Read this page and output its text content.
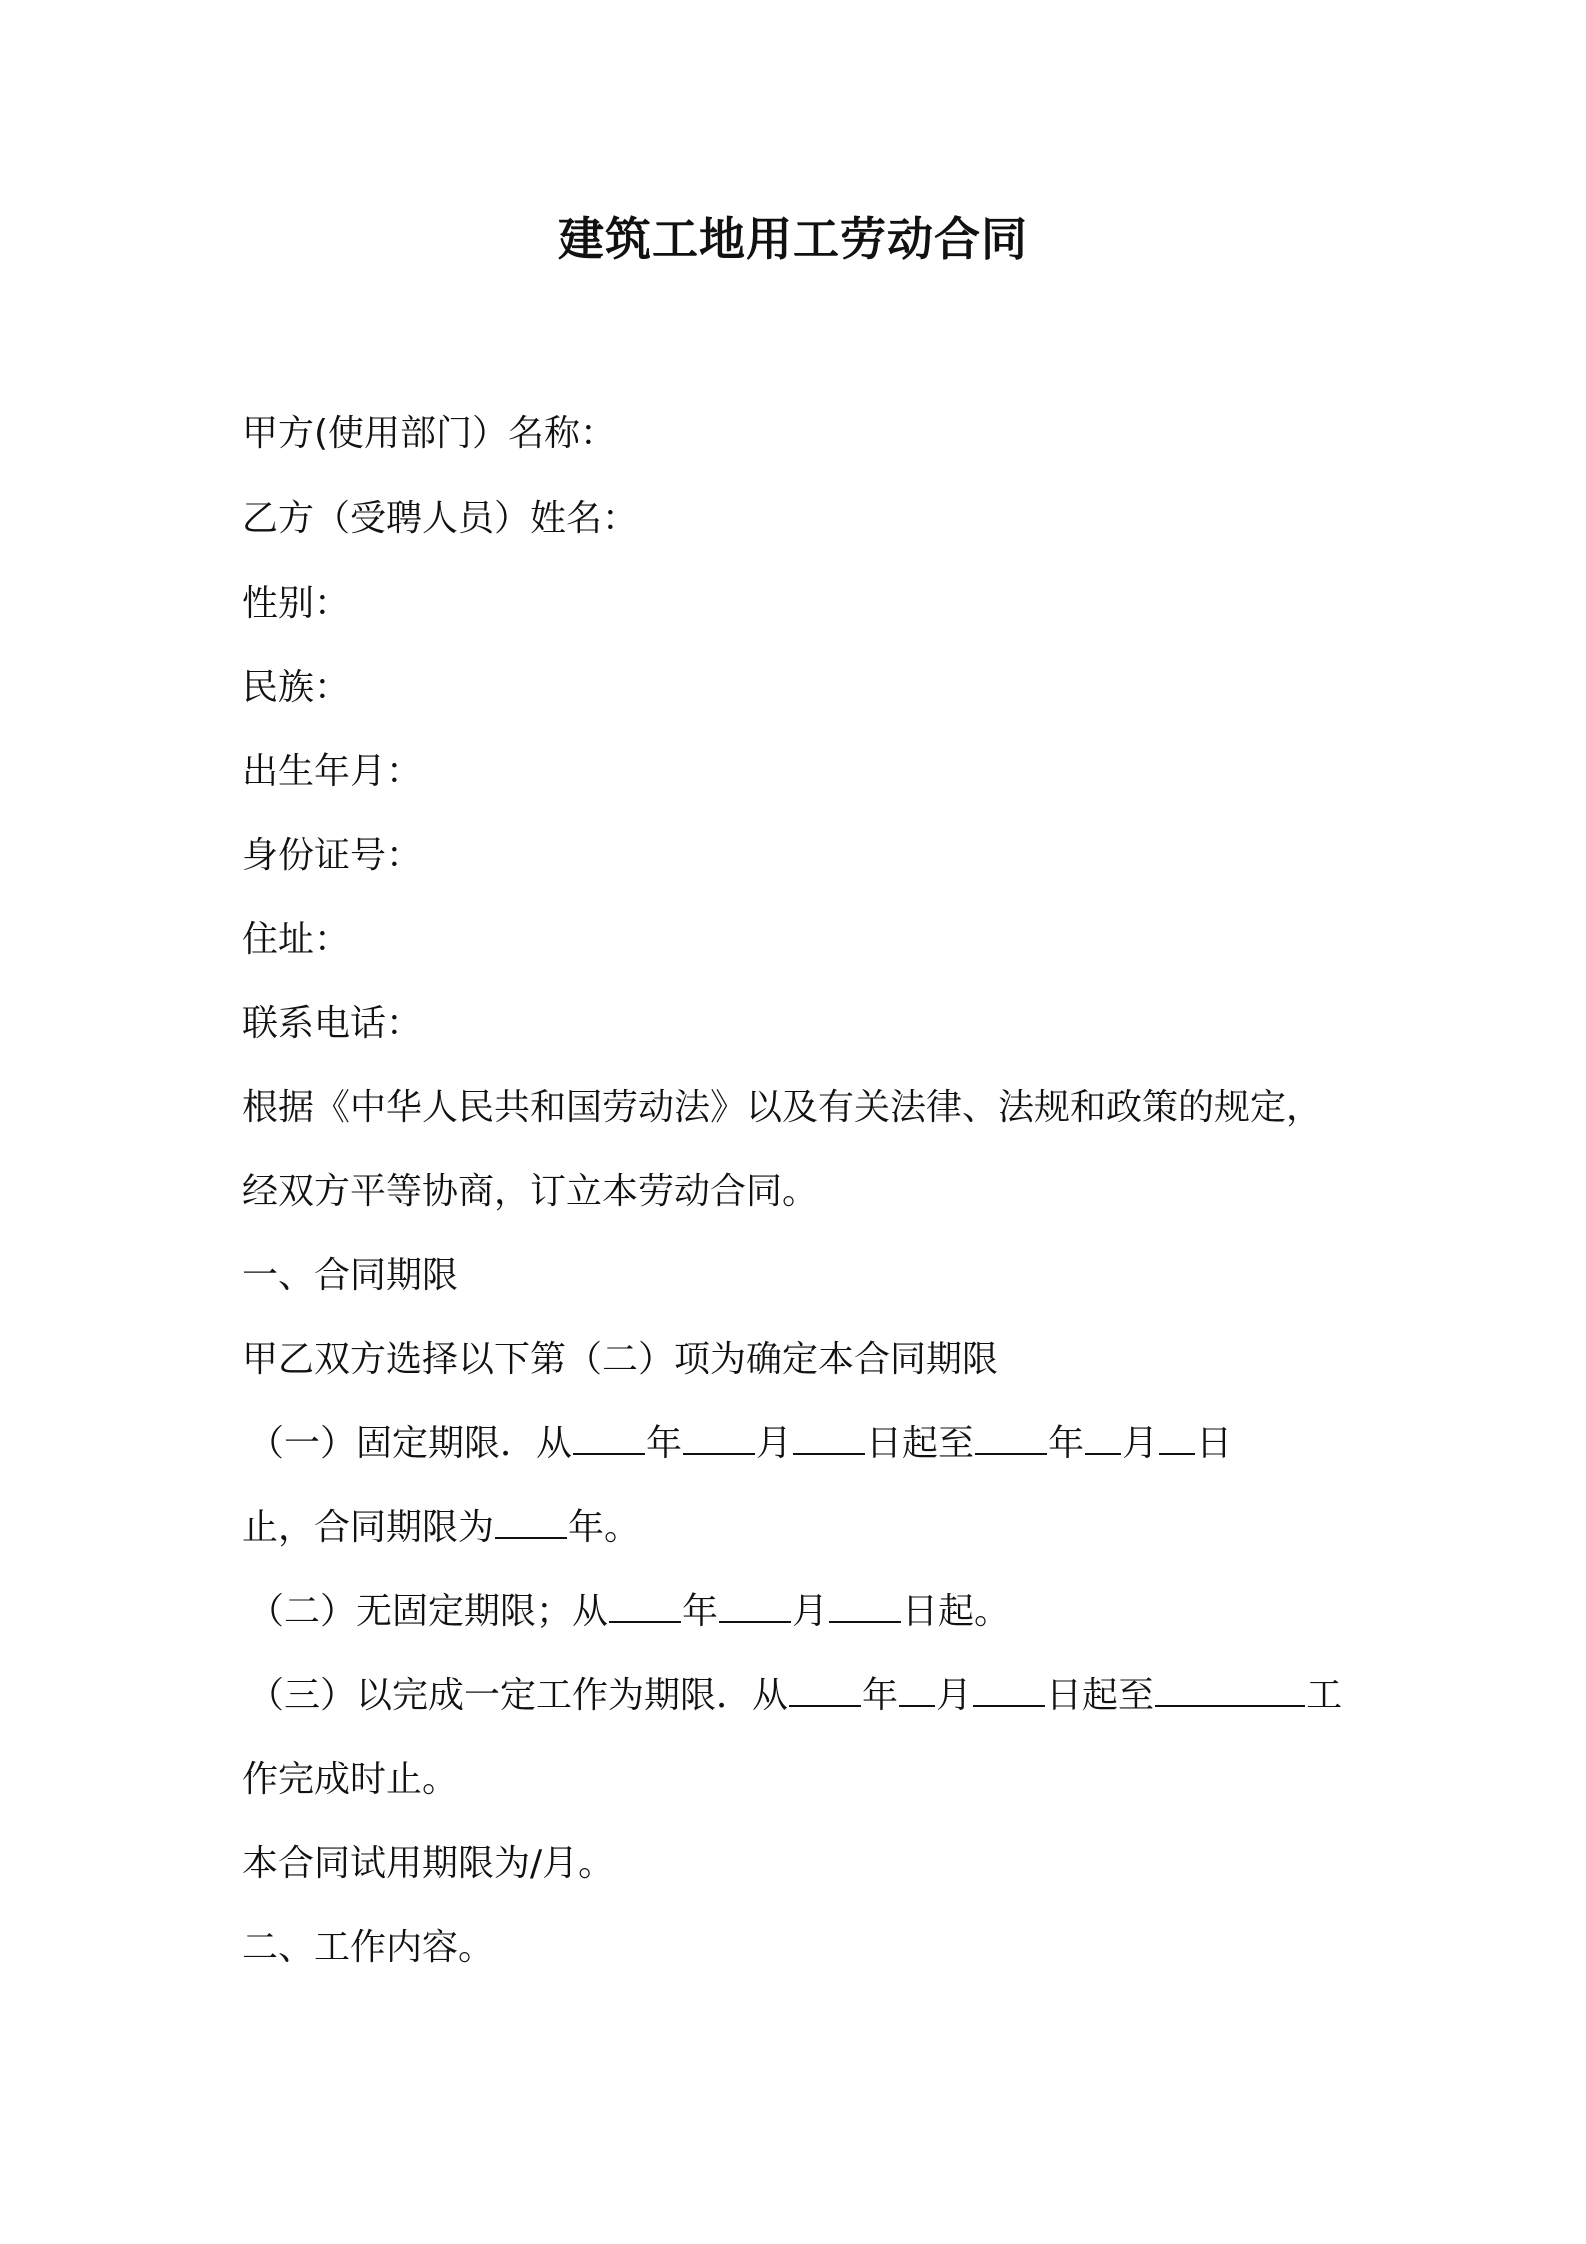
建筑工地用工劳动合同
甲方(使用部门）名称：
乙方（受聘人员）姓名：
性别：
民族：
出生年月：
身份证号：
住址：
联系电话：
根据《中华人民共和国劳动法》以及有关法律、法规和政策的规定，
经双方平等协商，订立本劳动合同。
一、合同期限
甲乙双方选择以下第（二）项为确定本合同期限
（一）固定期限．从 年 月 日起至 年 月 日
止，合同期限为 年。
（二）无固定期限；从 年 月 日起。
（三）以完成一定工作为期限．从 年 月 日起至	工
作完成时止。
本合同试用期限为/月。
二、工作内容。
